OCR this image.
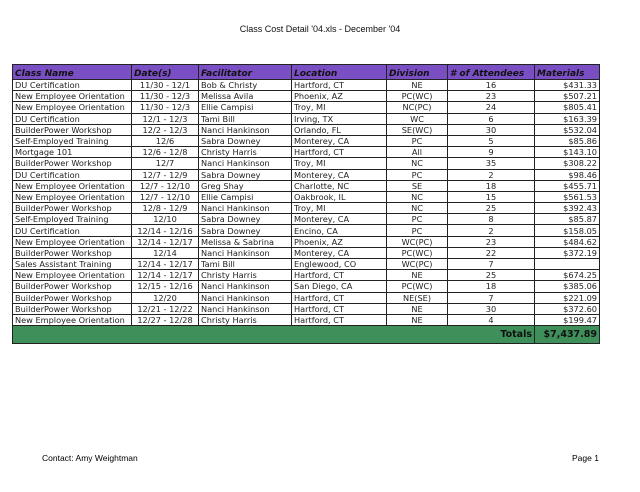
Class Cost Detail '04.xls - December '04
Class Name	Date(s)	Facilitator	Location	Division	# of Attendees	Materials
DU Certification	11/30 - 12/1	Bob & Christy	Hartford, CT	NE	16	$431.33
New Employee Orientation	11/30 - 12/3	Melissa Avila	Phoenix, AZ	PC(WC)	23	$507.21
New Employee Orientation	11/30 - 12/3	Ellie Campisi	Troy, MI	NC(PC)	24	$805.41
DU Certification	12/1 - 12/3	Tami Bill	Irving, TX	WC	6	$163.39
BuilderPower Workshop	12/2 - 12/3	Nanci Hankinson	Orlando, FL	SE(WC)	30	$532.04
Self-Employed Training	12/6	Sabra Downey	Monterey, CA	PC	5	$85.86
Mortgage 101	12/6 - 12/8	Christy Harris	Hartford, CT	All	9	$143.10
BuilderPower Workshop	12/7	Nanci Hankinson	Troy, MI	NC	35	$308.22
DU Certification	12/7 - 12/9	Sabra Downey	Monterey, CA	PC	2	$98.46
New Employee Orientation	12/7 - 12/10	Greg Shay	Charlotte, NC	SE	18	$455.71
New Employee Orientation	12/7 - 12/10	Ellie Campisi	Oakbrook, IL	NC	15	$561.53
BuilderPower Workshop	12/8 - 12/9	Nanci Hankinson	Troy, MI	NC	25	$392.43
Self-Employed Training	12/10	Sabra Downey	Monterey, CA	PC	8	$85.87
DU Certification	12/14 - 12/16	Sabra Downey	Encino, CA	PC	2	$158.05
New Employee Orientation	12/14 - 12/17	Melissa & Sabrina	Phoenix, AZ	WC(PC)	23	$484.62
BuilderPower Workshop	12/14	Nanci Hankinson	Monterey, CA	PC(WC)	22	$372.19
Sales Assistant Training	12/14 - 12/17	Tami Bill	Englewood, CO	WC(PC)	7	
New Employee Orientation	12/14 - 12/17	Christy Harris	Hartford, CT	NE	25	$674.25
BuilderPower Workshop	12/15 - 12/16	Nanci Hankinson	San Diego, CA	PC(WC)	18	$385.06
BuilderPower Workshop	12/20	Nanci Hankinson	Hartford, CT	NE(SE)	7	$221.09
BuilderPower Workshop	12/21 - 12/22	Nanci Hankinson	Hartford, CT	NE	30	$372.60
New Employee Orientation	12/27 - 12/28	Christy Harris	Hartford, CT	NE	4	$199.47
					Totals	$7,437.89
Contact: Amy Weightman	Page 1
